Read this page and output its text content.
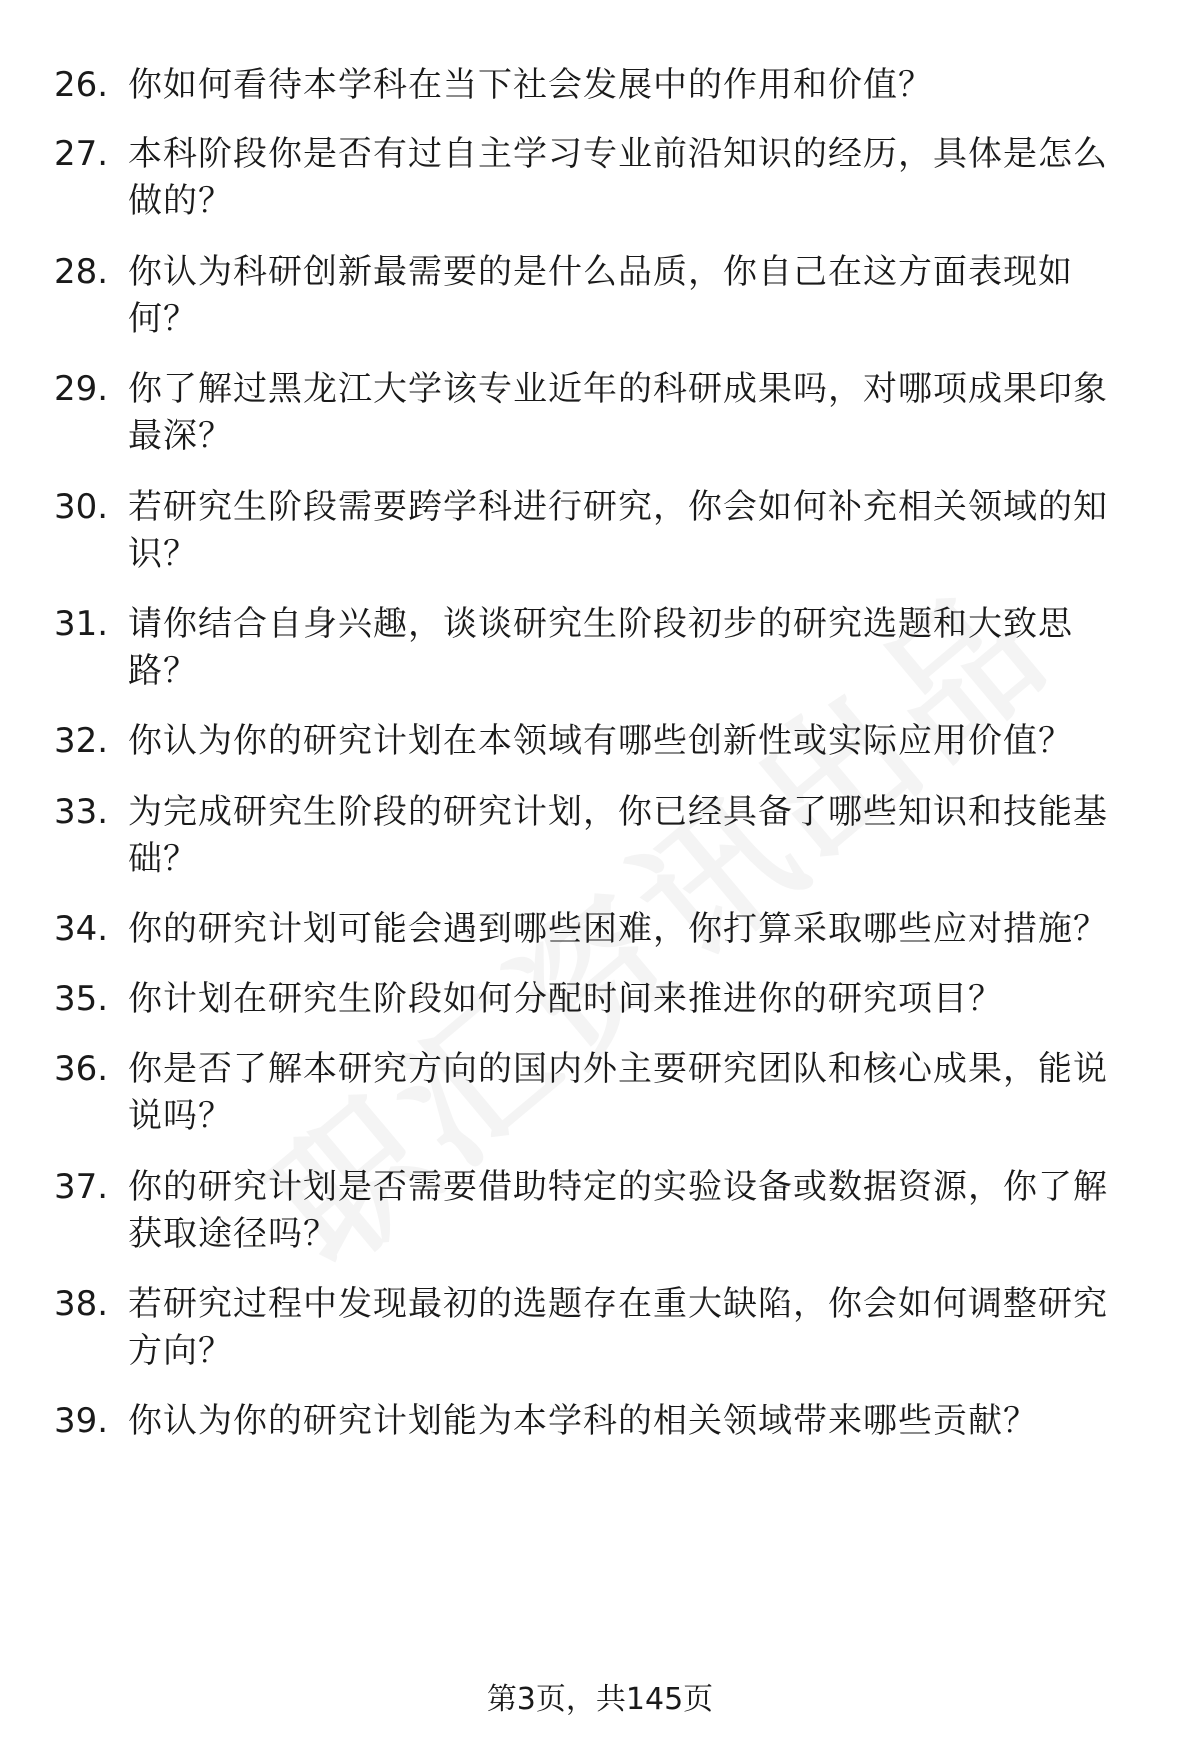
26. 你如何看待本学科在当下社会发展中的作用和价值？
27. 本科阶段你是否有过自主学习专业前沿知识的经历，具体是怎么做的？
28. 你认为科研创新最需要的是什么品质，你自己在这方面表现如何？
29. 你了解过黑龙江大学该专业近年的科研成果吗，对哪项成果印象最深？
30. 若研究生阶段需要跨学科进行研究，你会如何补充相关领域的知识？
31. 请你结合自身兴趣，谈谈研究生阶段初步的研究选题和大致思路？
32. 你认为你的研究计划在本领域有哪些创新性或实际应用价值？
33. 为完成研究生阶段的研究计划，你已经具备了哪些知识和技能基础？
34. 你的研究计划可能会遇到哪些困难，你打算采取哪些应对措施？
35. 你计划在研究生阶段如何分配时间来推进你的研究项目？
36. 你是否了解本研究方向的国内外主要研究团队和核心成果，能说说吗？
37. 你的研究计划是否需要借助特定的实验设备或数据资源，你了解获取途径吗？
38. 若研究过程中发现最初的选题存在重大缺陷，你会如何调整研究方向？
39. 你认为你的研究计划能为本学科的相关领域带来哪些贡献？
第3页，共145页
